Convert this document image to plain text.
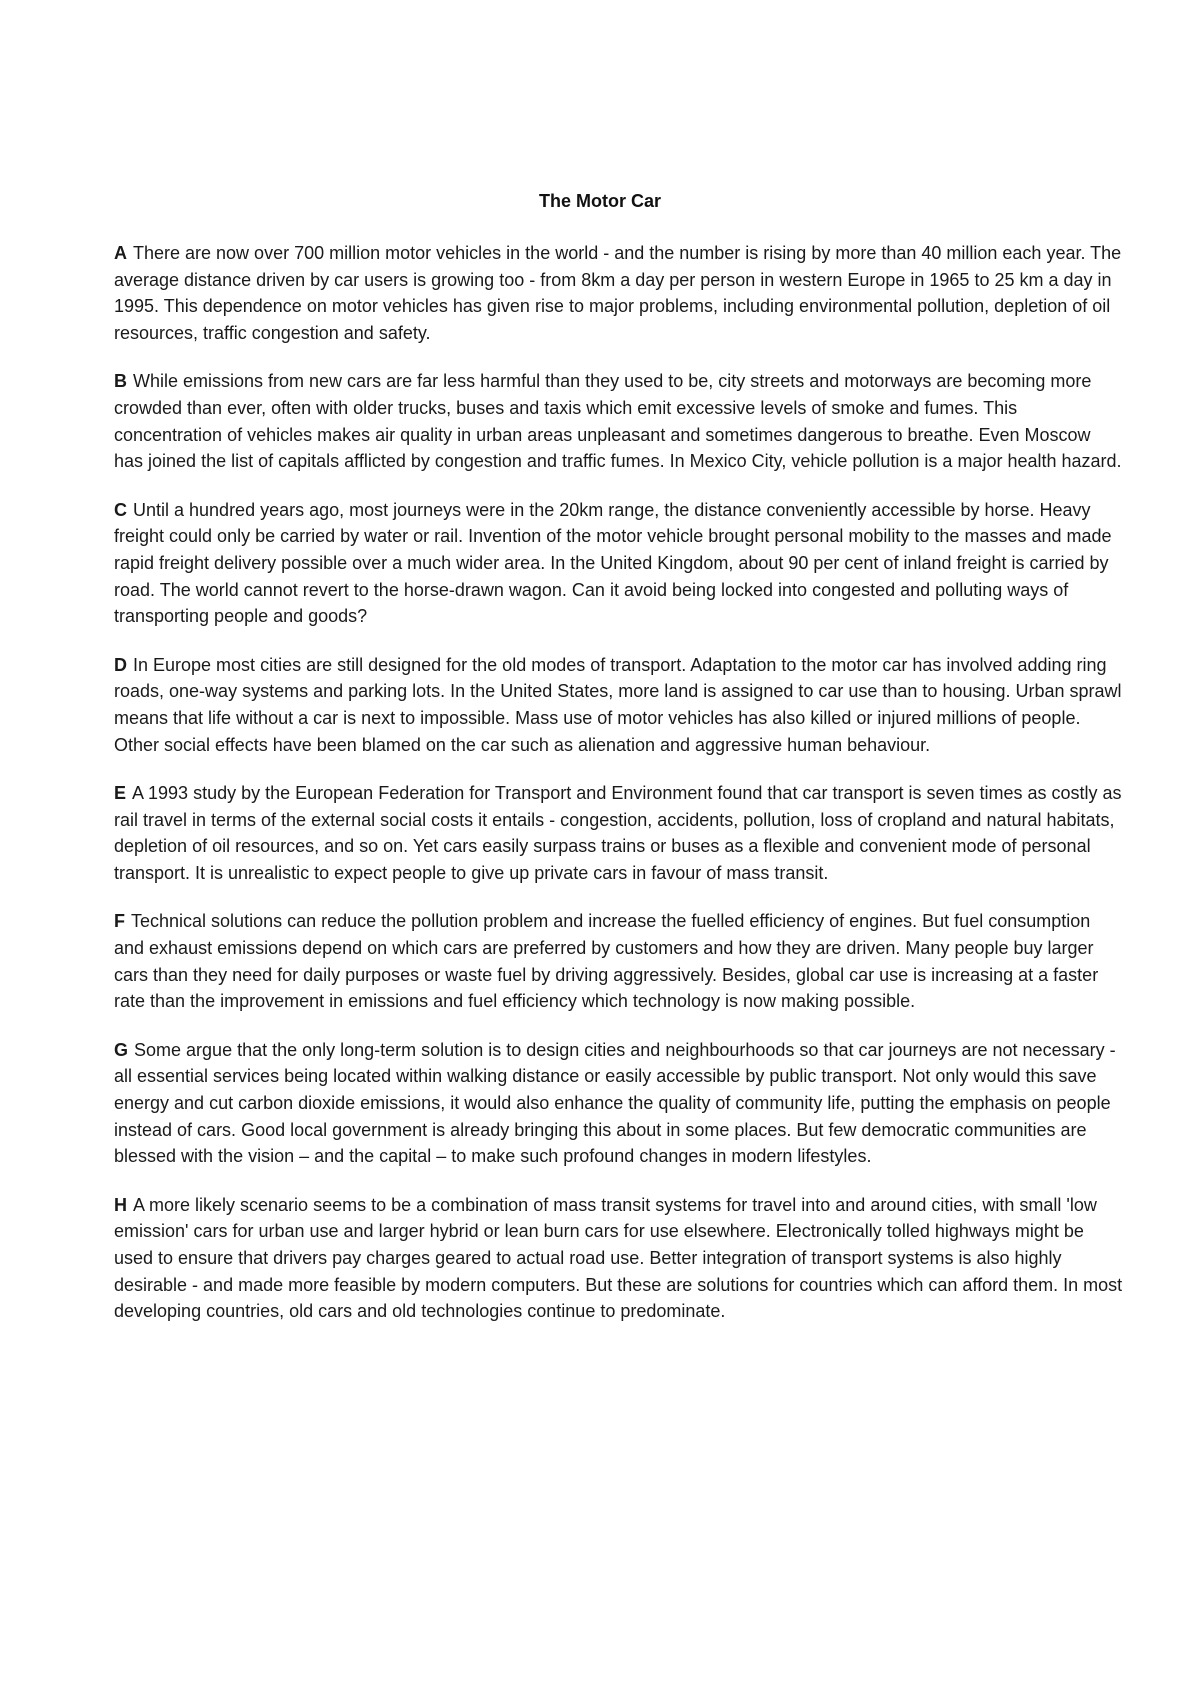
The Motor Car

A There are now over 700 million motor vehicles in the world - and the number is rising by more than 40 million each year. The average distance driven by car users is growing too - from 8km a day per person in western Europe in 1965 to 25 km a day in 1995. This dependence on motor vehicles has given rise to major problems, including environmental pollution, depletion of oil resources, traffic congestion and safety.

B While emissions from new cars are far less harmful than they used to be, city streets and motorways are becoming more crowded than ever, often with older trucks, buses and taxis which emit excessive levels of smoke and fumes. This concentration of vehicles makes air quality in urban areas unpleasant and sometimes dangerous to breathe. Even Moscow has joined the list of capitals afflicted by congestion and traffic fumes. In Mexico City, vehicle pollution is a major health hazard.

C Until a hundred years ago, most journeys were in the 20km range, the distance conveniently accessible by horse. Heavy freight could only be carried by water or rail. Invention of the motor vehicle brought personal mobility to the masses and made rapid freight delivery possible over a much wider area. In the United Kingdom, about 90 per cent of inland freight is carried by road. The world cannot revert to the horse-drawn wagon. Can it avoid being locked into congested and polluting ways of transporting people and goods?

D In Europe most cities are still designed for the old modes of transport. Adaptation to the motor car has involved adding ring roads, one-way systems and parking lots. In the United States, more land is assigned to car use than to housing. Urban sprawl means that life without a car is next to impossible. Mass use of motor vehicles has also killed or injured millions of people. Other social effects have been blamed on the car such as alienation and aggressive human behaviour.

E A 1993 study by the European Federation for Transport and Environment found that car transport is seven times as costly as rail travel in terms of the external social costs it entails - congestion, accidents, pollution, loss of cropland and natural habitats, depletion of oil resources, and so on. Yet cars easily surpass trains or buses as a flexible and convenient mode of personal transport. It is unrealistic to expect people to give up private cars in favour of mass transit.

F Technical solutions can reduce the pollution problem and increase the fuelled efficiency of engines. But fuel consumption and exhaust emissions depend on which cars are preferred by customers and how they are driven. Many people buy larger cars than they need for daily purposes or waste fuel by driving aggressively. Besides, global car use is increasing at a faster rate than the improvement in emissions and fuel efficiency which technology is now making possible.

G Some argue that the only long-term solution is to design cities and neighbourhoods so that car journeys are not necessary - all essential services being located within walking distance or easily accessible by public transport. Not only would this save energy and cut carbon dioxide emissions, it would also enhance the quality of community life, putting the emphasis on people instead of cars. Good local government is already bringing this about in some places. But few democratic communities are blessed with the vision – and the capital – to make such profound changes in modern lifestyles.

H A more likely scenario seems to be a combination of mass transit systems for travel into and around cities, with small 'low emission' cars for urban use and larger hybrid or lean burn cars for use elsewhere. Electronically tolled highways might be used to ensure that drivers pay charges geared to actual road use. Better integration of transport systems is also highly desirable - and made more feasible by modern computers. But these are solutions for countries which can afford them. In most developing countries, old cars and old technologies continue to predominate.
